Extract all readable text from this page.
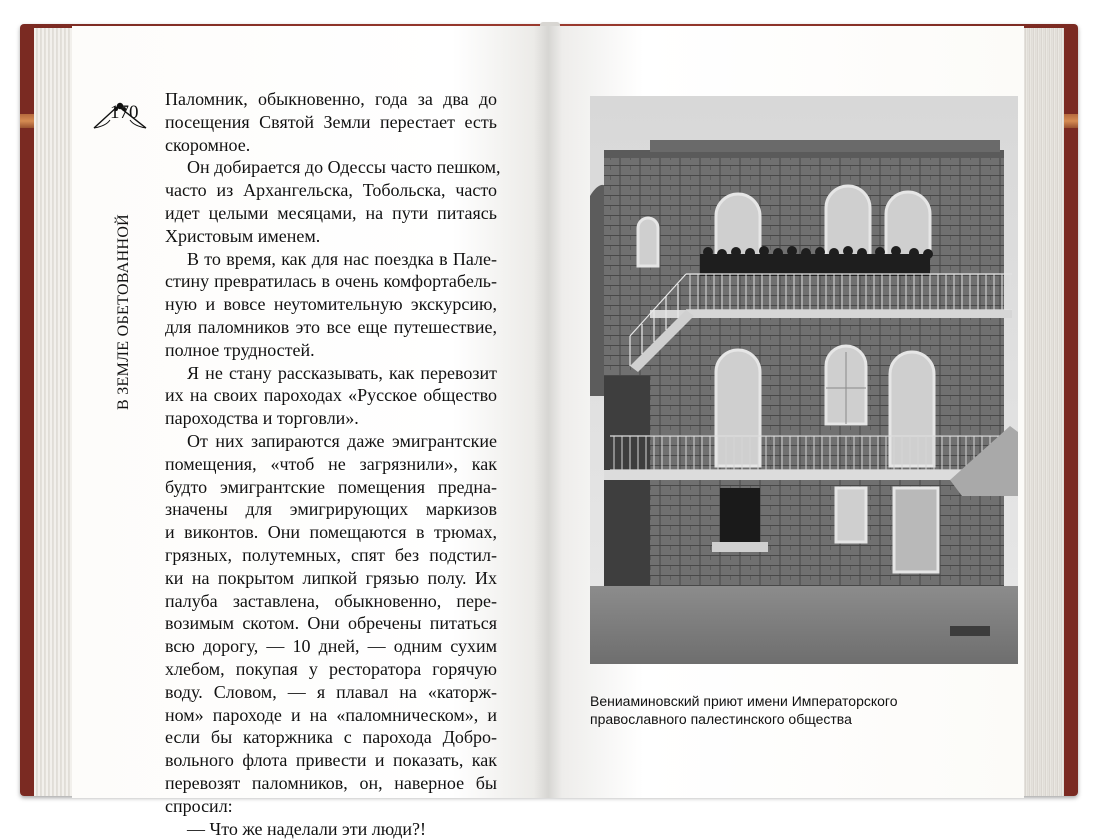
170
В ЗЕМЛЕ ОБЕТОВАННОЙ
Паломник, обыкновенно, года за два до
посещения Святой Земли перестает есть
скоромное.
Он добирается до Одессы часто пешком,
часто из Архангельска, Тобольска, часто
идет целыми месяцами, на пути питаясь
Христовым именем.
В то время, как для нас поездка в Пале-
стину превратилась в очень комфортабель-
ную и вовсе неутомительную экскурсию,
для паломников это все еще путешествие,
полное трудностей.
Я не стану рассказывать, как перевозит
их на своих пароходах «Русское общество
пароходства и торговли».
От них запираются даже эмигрантские
помещения, «чтоб не загрязнили», как
будто эмигрантские помещения предна-
значены для эмигрирующих маркизов
и виконтов. Они помещаются в трюмах,
грязных, полутемных, спят без подстил-
ки на покрытом липкой грязью полу. Их
палуба заставлена, обыкновенно, пере-
возимым скотом. Они обречены питаться
всю дорогу, — 10 дней, — одним сухим
хлебом, покупая у ресторатора горячую
воду. Словом, — я плавал на «каторж-
ном» пароходе и на «паломническом», и
если бы каторжника с парохода Добро-
вольного флота привести и показать, как
перевозят паломников, он, наверное бы
спросил:
— Что же наделали эти люди?!
Вениаминовский приют имени Императорского
православного палестинского общества
